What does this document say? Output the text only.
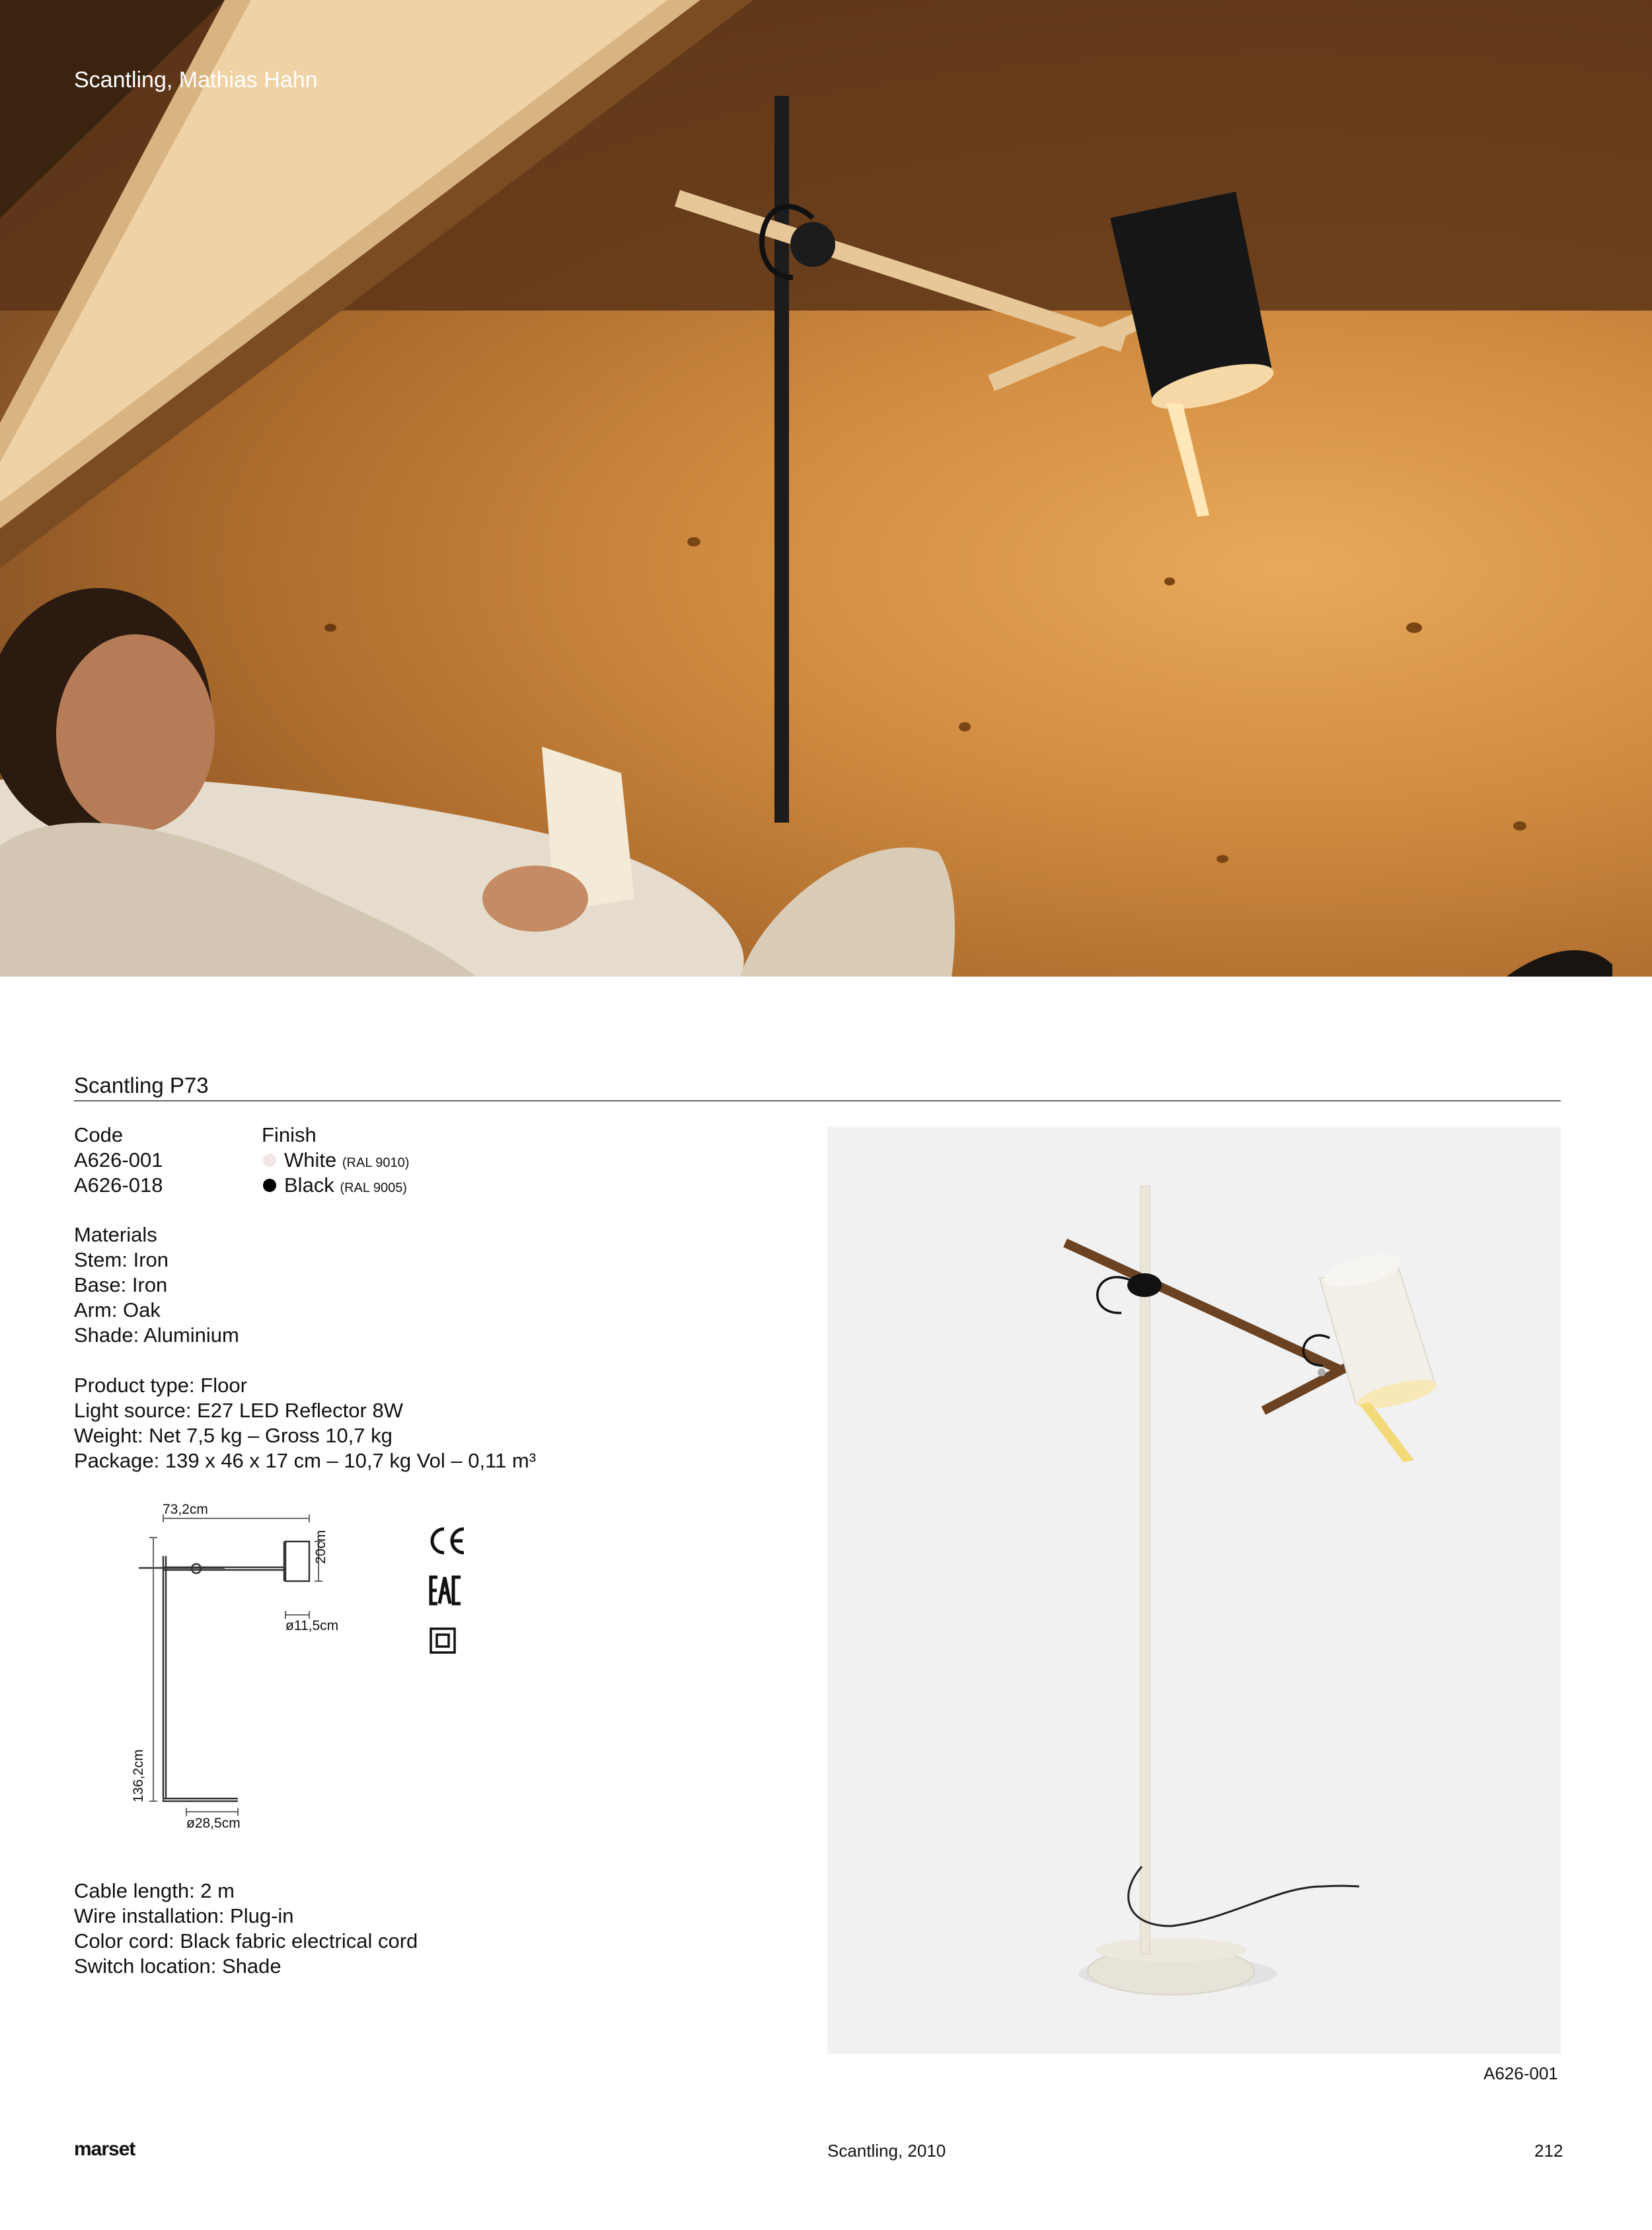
Scantling, Mathias Hahn
Scantling P73
Code
A626-001
A626-018
Finish
White (RAL 9010)
Black (RAL 9005)
Materials
Stem: Iron
Base: Iron
Arm: Oak
Shade: Aluminium
Product type: Floor
Light source: E27 LED Reflector 8W
Weight: Net 7,5 kg – Gross 10,7 kg
Package: 139 x 46 x 17 cm – 10,7 kg Vol – 0,11 m³
73,2cm
20cm
ø11,5cm
136,2cm
ø28,5cm
Cable length: 2 m
Wire installation: Plug-in
Color cord: Black fabric electrical cord
Switch location: Shade
A626-001
marset	Scantling, 2010	212
